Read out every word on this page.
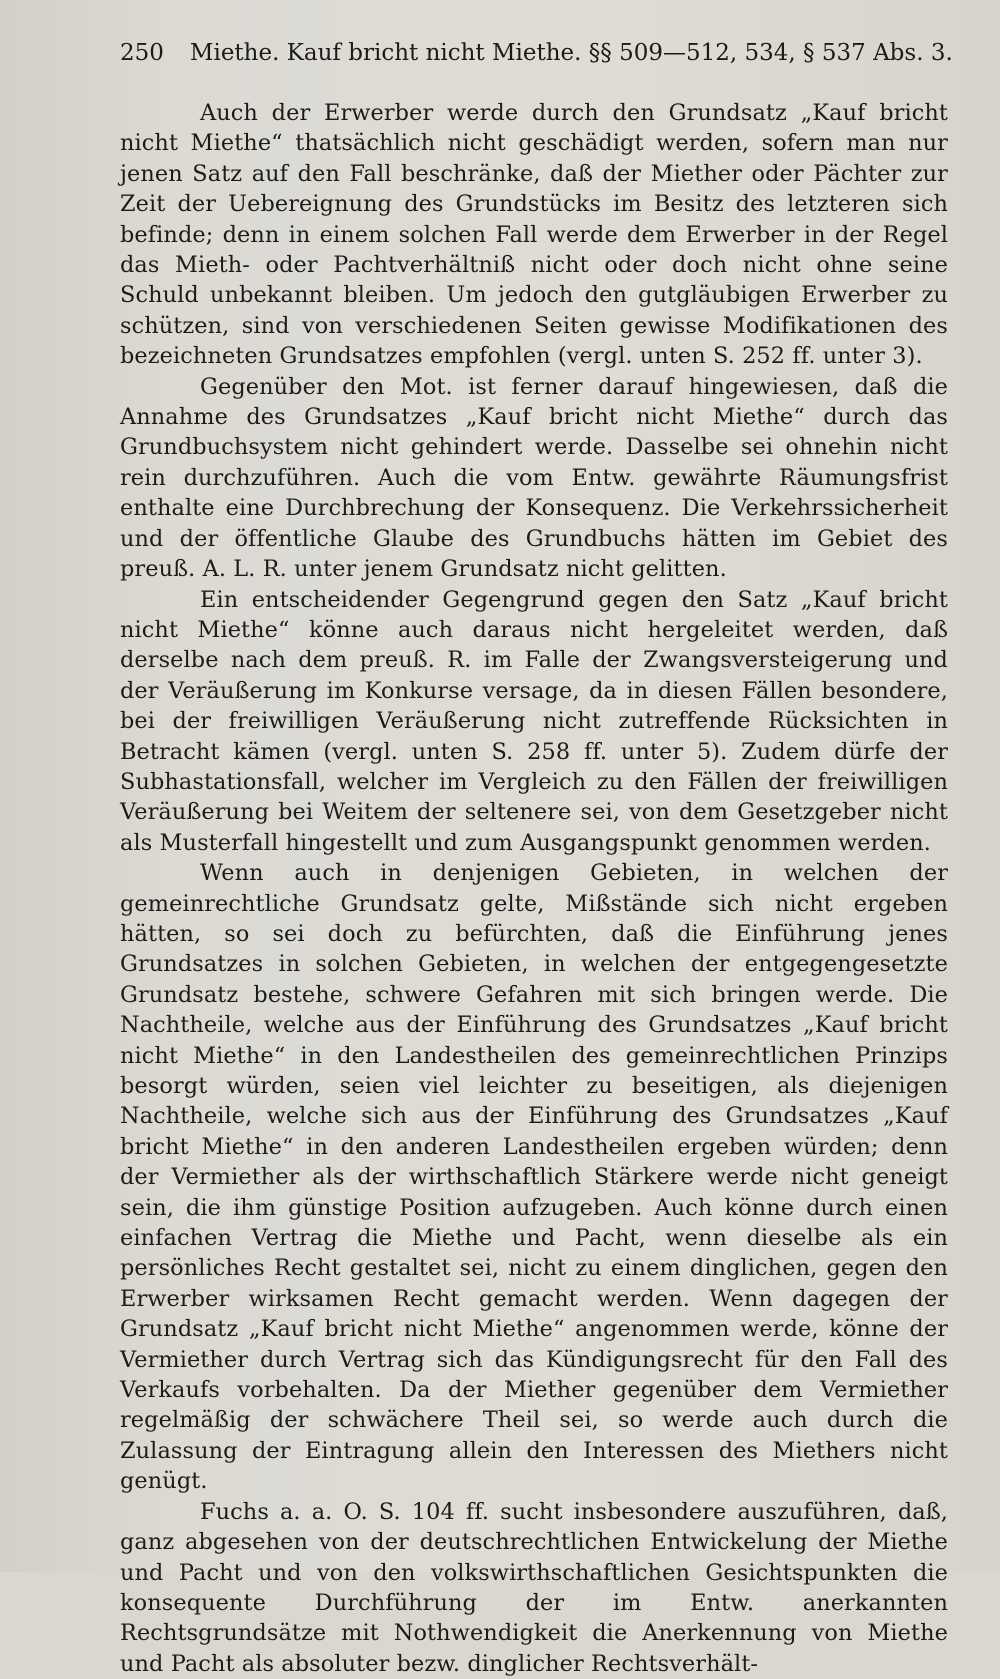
250 Miethe. Kauf bricht nicht Miethe. §§ 509—512, 534, § 537 Abs. 3.

Auch der Erwerber werde durch den Grundsatz „Kauf bricht nicht Miethe“ thatsächlich nicht geschädigt werden, sofern man nur jenen Satz auf den Fall beschränke, daß der Miether oder Pächter zur Zeit der Uebereignung des Grundstücks im Besitz des letzteren sich befinde; denn in einem solchen Fall werde dem Erwerber in der Regel das Mieth- oder Pachtverhältniß nicht oder doch nicht ohne seine Schuld unbekannt bleiben. Um jedoch den gutgläubigen Erwerber zu schützen, sind von verschiedenen Seiten gewisse Modifikationen des bezeichneten Grundsatzes empfohlen (vergl. unten S. 252 ff. unter 3).

Gegenüber den Mot. ist ferner darauf hingewiesen, daß die Annahme des Grundsatzes „Kauf bricht nicht Miethe“ durch das Grundbuchsystem nicht gehindert werde. Dasselbe sei ohnehin nicht rein durchzuführen. Auch die vom Entw. gewährte Räumungsfrist enthalte eine Durchbrechung der Konsequenz. Die Verkehrssicherheit und der öffentliche Glaube des Grundbuchs hätten im Gebiet des preuß. A. L. R. unter jenem Grundsatz nicht gelitten.

Ein entscheidender Gegengrund gegen den Satz „Kauf bricht nicht Miethe“ könne auch daraus nicht hergeleitet werden, daß derselbe nach dem preuß. R. im Falle der Zwangsversteigerung und der Veräußerung im Konkurse versage, da in diesen Fällen besondere, bei der freiwilligen Veräußerung nicht zutreffende Rücksichten in Betracht kämen (vergl. unten S. 258 ff. unter 5). Zudem dürfe der Subhastationsfall, welcher im Vergleich zu den Fällen der freiwilligen Veräußerung bei Weitem der seltenere sei, von dem Gesetzgeber nicht als Musterfall hingestellt und zum Ausgangspunkt genommen werden.

Wenn auch in denjenigen Gebieten, in welchen der gemeinrechtliche Grundsatz gelte, Mißstände sich nicht ergeben hätten, so sei doch zu befürchten, daß die Einführung jenes Grundsatzes in solchen Gebieten, in welchen der entgegengesetzte Grundsatz bestehe, schwere Gefahren mit sich bringen werde. Die Nachtheile, welche aus der Einführung des Grundsatzes „Kauf bricht nicht Miethe“ in den Landestheilen des gemeinrechtlichen Prinzips besorgt würden, seien viel leichter zu beseitigen, als diejenigen Nachtheile, welche sich aus der Einführung des Grundsatzes „Kauf bricht Miethe“ in den anderen Landestheilen ergeben würden; denn der Vermiether als der wirthschaftlich Stärkere werde nicht geneigt sein, die ihm günstige Position aufzugeben. Auch könne durch einen einfachen Vertrag die Miethe und Pacht, wenn dieselbe als ein persönliches Recht gestaltet sei, nicht zu einem dinglichen, gegen den Erwerber wirksamen Recht gemacht werden. Wenn dagegen der Grundsatz „Kauf bricht nicht Miethe“ angenommen werde, könne der Vermiether durch Vertrag sich das Kündigungsrecht für den Fall des Verkaufs vorbehalten. Da der Miether gegenüber dem Vermiether regelmäßig der schwächere Theil sei, so werde auch durch die Zulassung der Eintragung allein den Interessen des Miethers nicht genügt.

Fuchs a. a. O. S. 104 ff. sucht insbesondere auszuführen, daß, ganz abgesehen von der deutschrechtlichen Entwickelung der Miethe und Pacht und von den volkswirthschaftlichen Gesichtspunkten die konsequente Durchführung der im Entw. anerkannten Rechtsgrundsätze mit Nothwendigkeit die Anerkennung von Miethe und Pacht als absoluter bezw. dinglicher Rechtsverhält-
